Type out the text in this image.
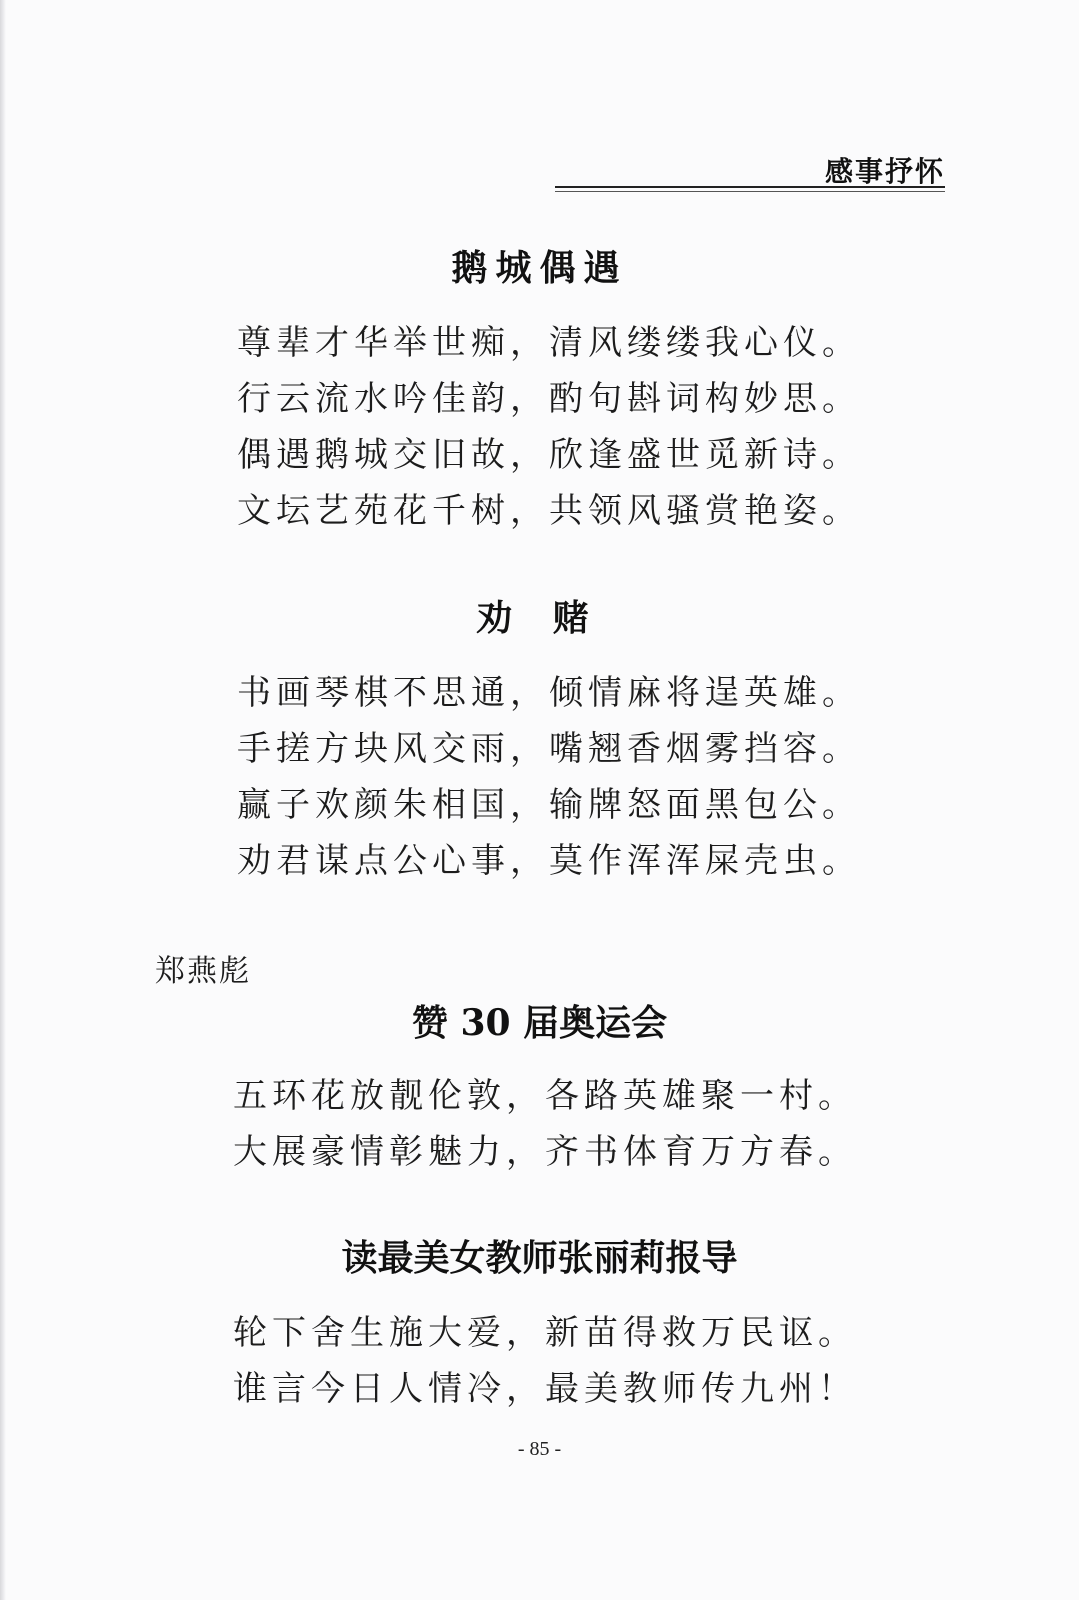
感事抒怀
鹅城偶遇
尊辈才华举世痴，清风缕缕我心仪。
行云流水吟佳韵，酌句斟词构妙思。
偶遇鹅城交旧故，欣逢盛世觅新诗。
文坛艺苑花千树，共领风骚赏艳姿。
劝 赌
书画琴棋不思通，倾情麻将逞英雄。
手搓方块风交雨，嘴翘香烟雾挡容。
赢子欢颜朱相国，输牌怒面黑包公。
劝君谋点公心事，莫作浑浑屎壳虫。
郑燕彪
赞 30 届奥运会
五环花放靓伦敦，各路英雄聚一村。
大展豪情彰魅力，齐书体育万方春。
读最美女教师张丽莉报导
轮下舍生施大爱，新苗得救万民讴。
谁言今日人情冷，最美教师传九州！
- 85 -
